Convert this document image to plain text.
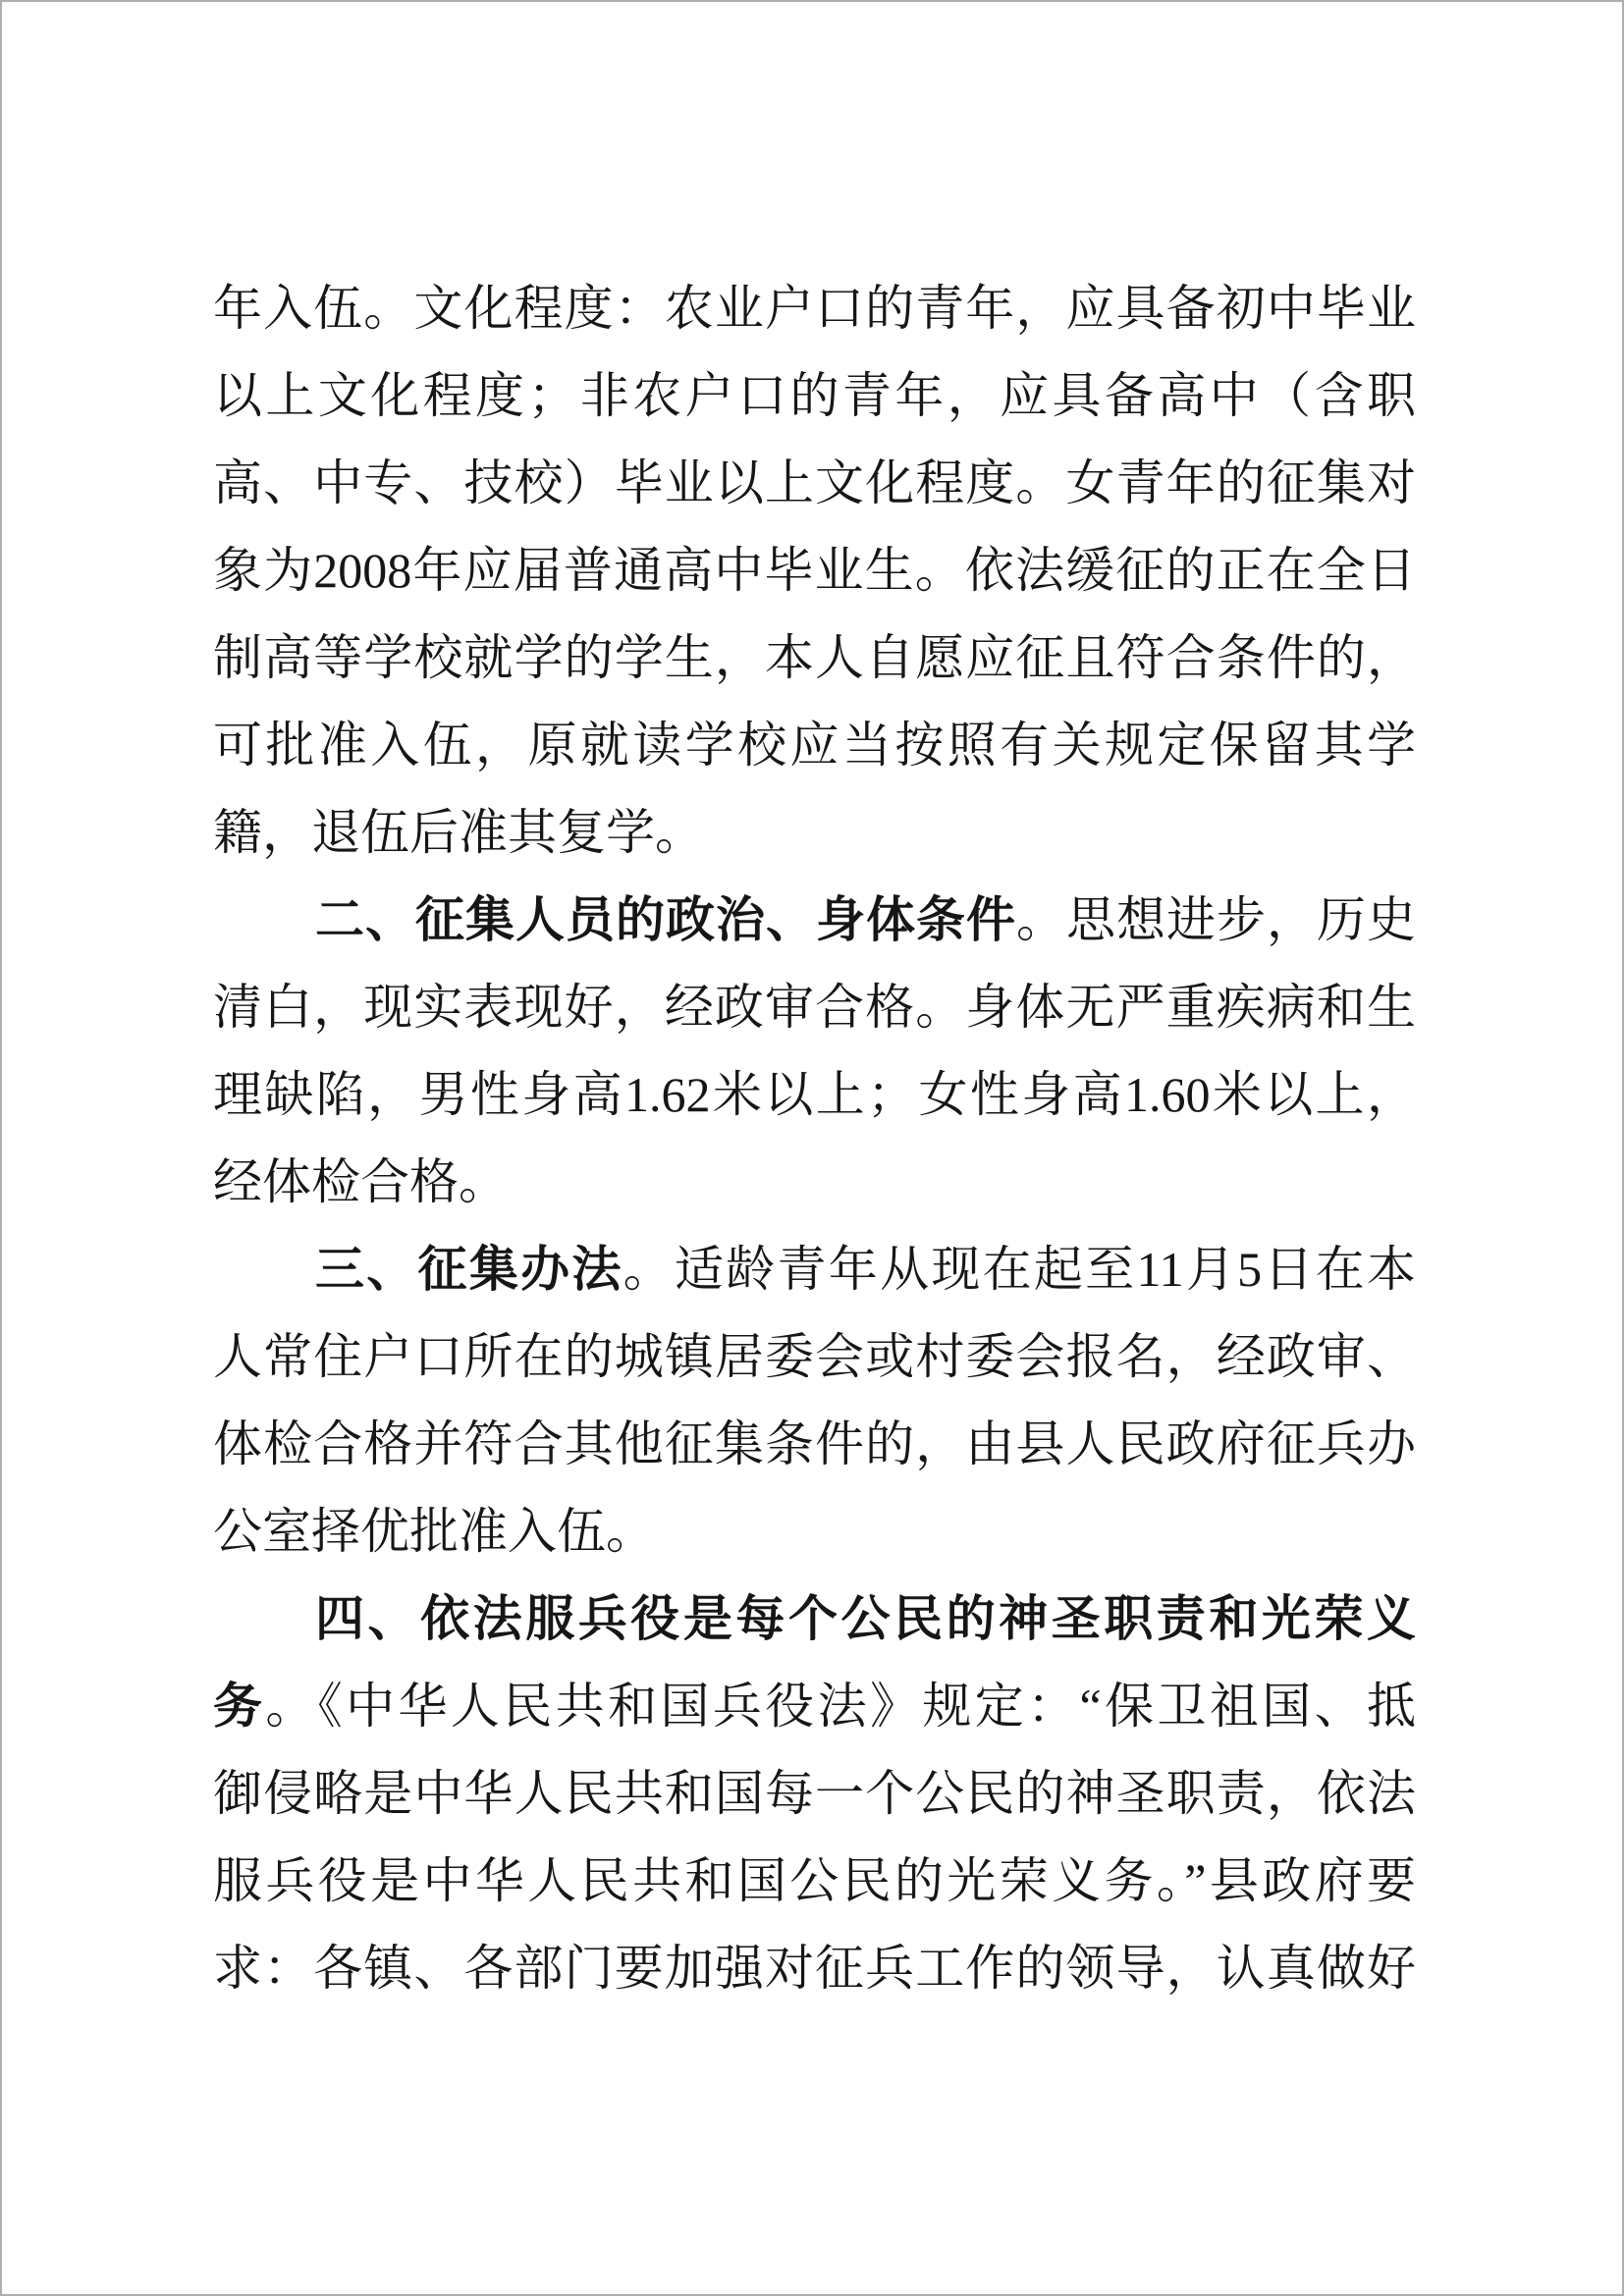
年入伍。文化程度：农业户口的青年，应具备初中毕业
以上文化程度；非农户口的青年，应具备高中（含职
高、中专、技校）毕业以上文化程度。女青年的征集对
象为2008年应届普通高中毕业生。依法缓征的正在全日
制高等学校就学的学生，本人自愿应征且符合条件的，
可批准入伍，原就读学校应当按照有关规定保留其学
籍，退伍后准其复学。
二、征集人员的政治、身体条件。思想进步，历史
清白，现实表现好，经政审合格。身体无严重疾病和生
理缺陷，男性身高1.62米以上；女性身高1.60米以上，
经体检合格。
三、征集办法。适龄青年从现在起至11月5日在本
人常住户口所在的城镇居委会或村委会报名，经政审、
体检合格并符合其他征集条件的，由县人民政府征兵办
公室择优批准入伍。
四、依法服兵役是每个公民的神圣职责和光荣义
务。《中华人民共和国兵役法》规定：“保卫祖国、抵
御侵略是中华人民共和国每一个公民的神圣职责，依法
服兵役是中华人民共和国公民的光荣义务。”县政府要
求：各镇、各部门要加强对征兵工作的领导，认真做好
